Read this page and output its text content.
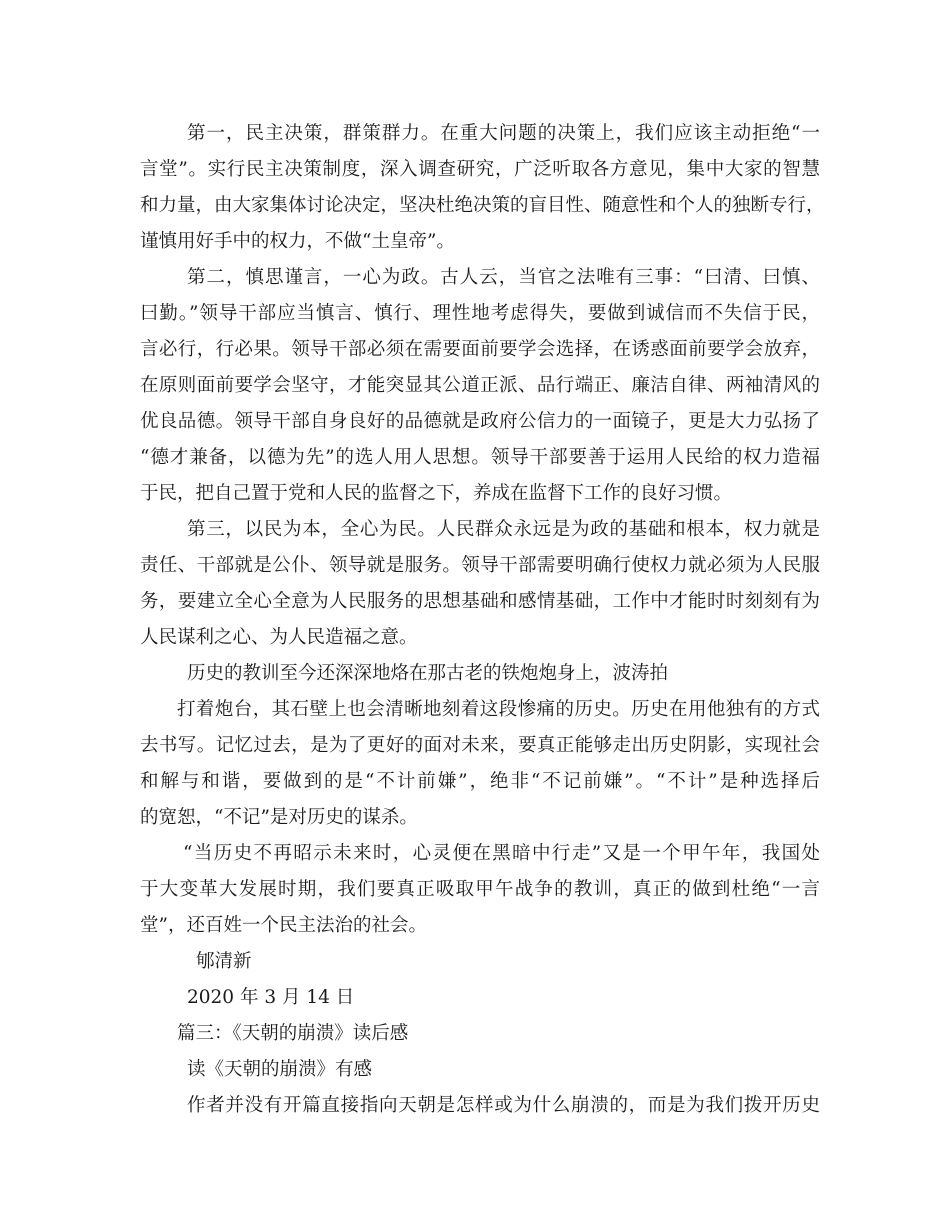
第一，民主决策，群策群力。在重大问题的决策上，我们应该主动拒绝“一
言堂”。实行民主决策制度，深入调查研究，广泛听取各方意见，集中大家的智慧
和力量，由大家集体讨论决定，坚决杜绝决策的盲目性、随意性和个人的独断专行，
谨慎用好手中的权力，不做“土皇帝”。
第二，慎思谨言，一心为政。古人云，当官之法唯有三事：“曰清、曰慎、
曰勤。”领导干部应当慎言、慎行、理性地考虑得失，要做到诚信而不失信于民，
言必行，行必果。领导干部必须在需要面前要学会选择，在诱惑面前要学会放弃，
在原则面前要学会坚守，才能突显其公道正派、品行端正、廉洁自律、两袖清风的
优良品德。领导干部自身良好的品德就是政府公信力的一面镜子，更是大力弘扬了
“德才兼备，以德为先”的选人用人思想。领导干部要善于运用人民给的权力造福
于民，把自己置于党和人民的监督之下，养成在监督下工作的良好习惯。
第三，以民为本，全心为民。人民群众永远是为政的基础和根本，权力就是
责任、干部就是公仆、领导就是服务。领导干部需要明确行使权力就必须为人民服
务，要建立全心全意为人民服务的思想基础和感情基础，工作中才能时时刻刻有为
人民谋利之心、为人民造福之意。
历史的教训至今还深深地烙在那古老的铁炮炮身上，波涛拍
打着炮台，其石壁上也会清晰地刻着这段惨痛的历史。历史在用他独有的方式
去书写。记忆过去，是为了更好的面对未来，要真正能够走出历史阴影，实现社会
和解与和谐，要做到的是“不计前嫌”，绝非“不记前嫌”。“不计”是种选择后
的宽恕，“不记”是对历史的谋杀。
“当历史不再昭示未来时，心灵便在黑暗中行走”又是一个甲午年，我国处
于大变革大发展时期，我们要真正吸取甲午战争的教训，真正的做到杜绝“一言
堂”，还百姓一个民主法治的社会。
郇清新
2020 年 3 月 14 日
篇三：《天朝的崩溃》读后感
读《天朝的崩溃》有感
作者并没有开篇直接指向天朝是怎样或为什么崩溃的，而是为我们拨开历史
